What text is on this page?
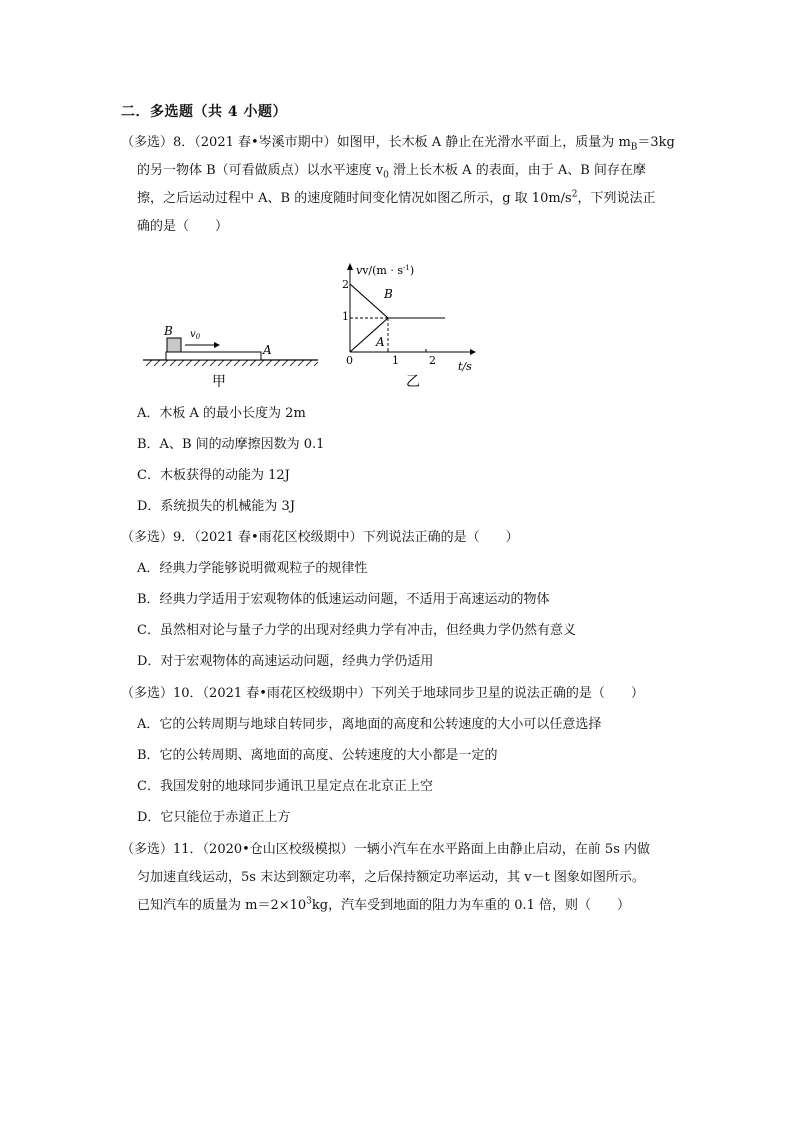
二．多选题（共 4 小题）
（多选）8．（2021 春•岑溪市期中）如图甲，长木板 A 静止在光滑水平面上，质量为 $m_B=3kg$
的另一物体 B（可看做质点）以水平速度 $v_0$ 滑上长木板 A 的表面，由于 A、B 间存在摩
擦，之后运动过程中 A、B 的速度随时间变化情况如图乙所示，g 取 $10m/s^2$，下列说法正
确的是（　　）
B
A
$v_0$
甲
$vv/(m \cdot s^{-1})$
t/s
2
1
0	1	2
B
A
乙
A．木板 A 的最小长度为 2m
B．A、B 间的动摩擦因数为 0.1
C．木板获得的动能为 12J
D．系统损失的机械能为 3J
（多选）9．（2021 春•雨花区校级期中）下列说法正确的是（　　）
A．经典力学能够说明微观粒子的规律性
B．经典力学适用于宏观物体的低速运动问题，不适用于高速运动的物体
C．虽然相对论与量子力学的出现对经典力学有冲击，但经典力学仍然有意义
D．对于宏观物体的高速运动问题，经典力学仍适用
（多选）10．（2021 春•雨花区校级期中）下列关于地球同步卫星的说法正确的是（　　）
A．它的公转周期与地球自转同步，离地面的高度和公转速度的大小可以任意选择
B．它的公转周期、离地面的高度、公转速度的大小都是一定的
C．我国发射的地球同步通讯卫星定点在北京正上空
D．它只能位于赤道正上方
（多选）11．（2020•仓山区校级模拟）一辆小汽车在水平路面上由静止启动，在前 5s 内做
匀加速直线运动，5s 末达到额定功率，之后保持额定功率运动，其 v－t 图象如图所示。
已知汽车的质量为 $m=2\times 10^3kg$，汽车受到地面的阻力为车重的 0.1 倍，则（　　）
